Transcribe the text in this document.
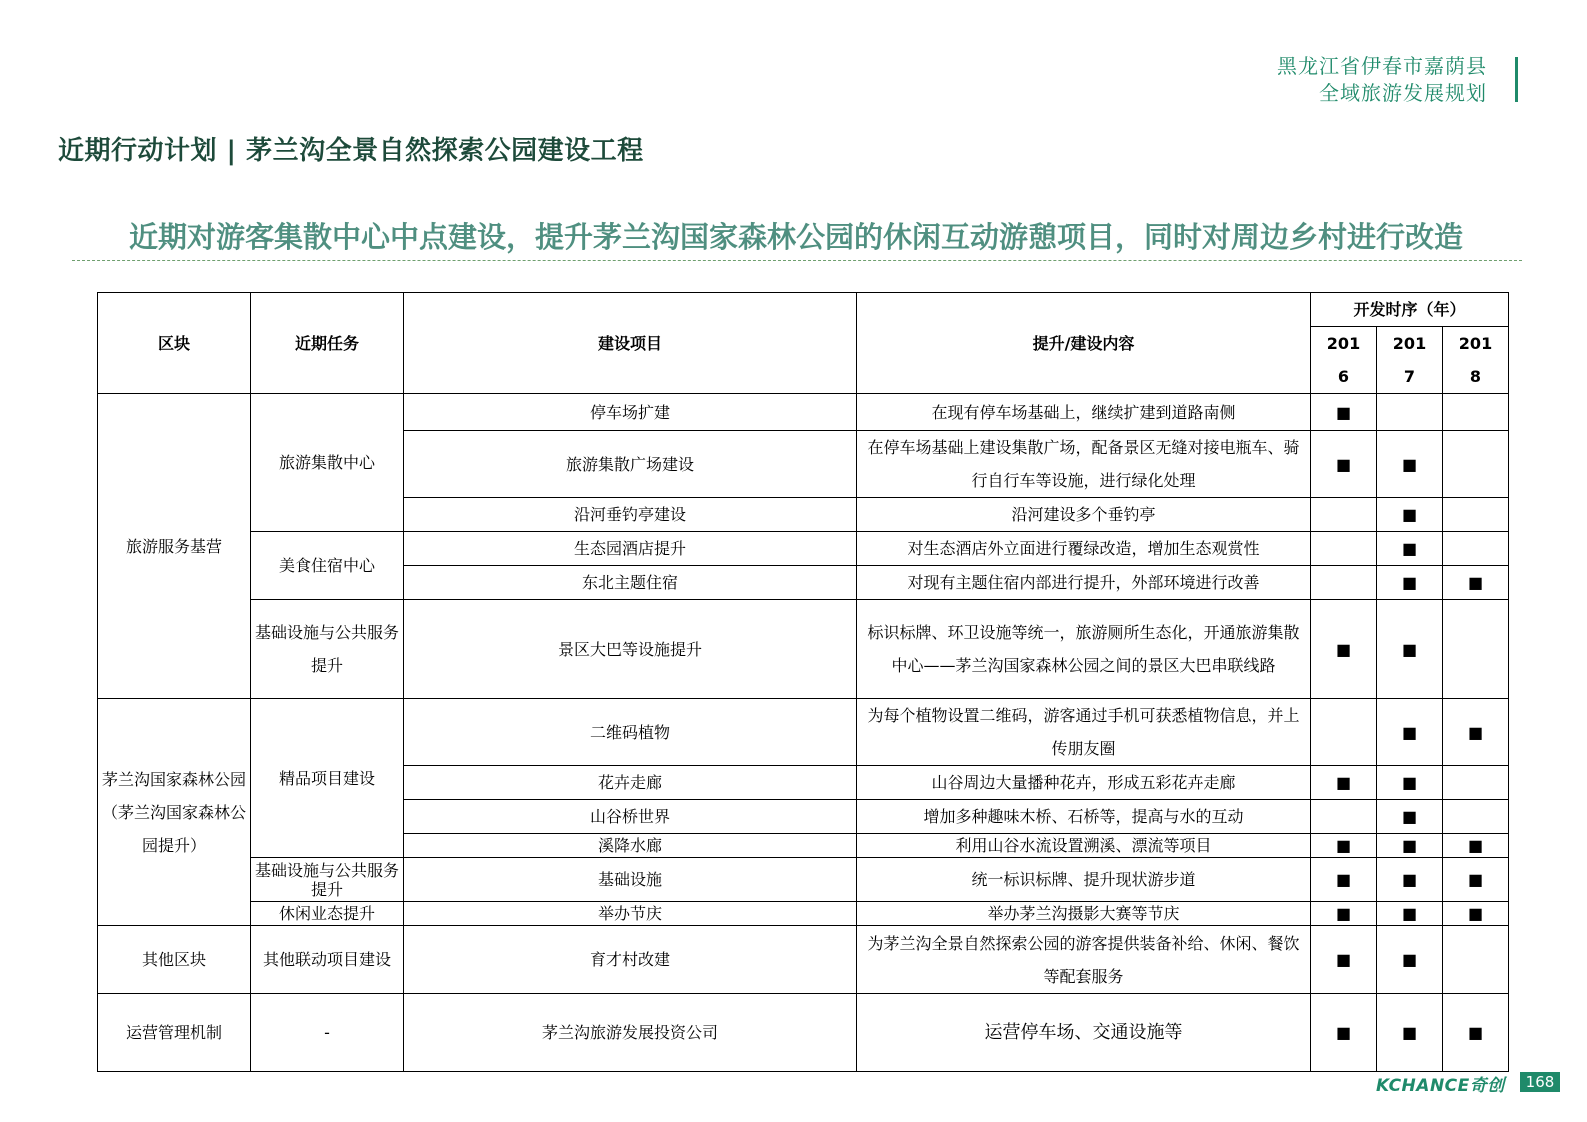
黑龙江省伊春市嘉荫县
全域旅游发展规划
近期行动计划 | 茅兰沟全景自然探索公园建设工程
近期对游客集散中心中点建设，提升茅兰沟国家森林公园的休闲互动游憩项目，同时对周边乡村进行改造
区块	近期任务	建设项目	提升/建设内容	开发时序（年）		
				2016	2017	2018

旅游服务基营	旅游集散中心	停车场扩建	在现有停车场基础上，继续扩建到道路南侧	■		
		旅游集散广场建设	在停车场基础上建设集散广场，配备景区无缝对接电瓶车、骑行自行车等设施，进行绿化处理	■	■	
		沿河垂钓亭建设	沿河建设多个垂钓亭		■	
	美食住宿中心	生态园酒店提升	对生态酒店外立面进行覆绿改造，增加生态观赏性		■	
		东北主题住宿	对现有主题住宿内部进行提升，外部环境进行改善		■	■
	基础设施与公共服务提升	景区大巴等设施提升	标识标牌、环卫设施等统一，旅游厕所生态化，开通旅游集散中心——茅兰沟国家森林公园之间的景区大巴串联线路	■	■	
茅兰沟国家森林公园（茅兰沟国家森林公园提升）	精品项目建设	二维码植物	为每个植物设置二维码，游客通过手机可获悉植物信息，并上传朋友圈		■	■
		花卉走廊	山谷周边大量播种花卉，形成五彩花卉走廊	■	■	
		山谷桥世界	增加多种趣味木桥、石桥等，提高与水的互动		■	
		溪降水廊	利用山谷水流设置溯溪、漂流等项目	■	■	■
	基础设施与公共服务提升	基础设施	统一标识标牌、提升现状游步道	■	■	■
	休闲业态提升	举办节庆	举办茅兰沟摄影大赛等节庆	■	■	■
其他区块	其他联动项目建设	育才村改建	为茅兰沟全景自然探索公园的游客提供装备补给、休闲、餐饮等配套服务	■	■	
运营管理机制	-	茅兰沟旅游发展投资公司	运营停车场、交通设施等	■	■	■
KCHANCE奇创	168
